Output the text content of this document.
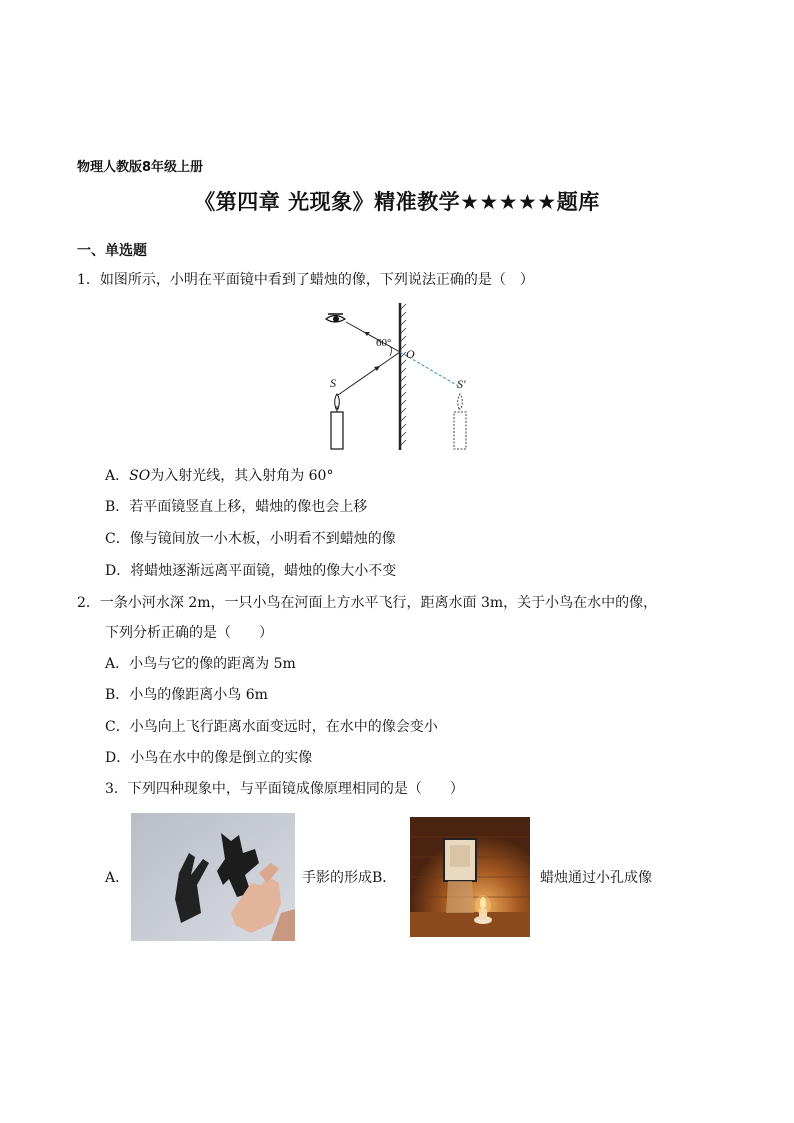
物理人教版8年级上册
《第四章 光现象》精准教学★★★★★题库
一、单选题
1．如图所示，小明在平面镜中看到了蜡烛的像，下列说法正确的是（　）
60°
O
S	S'
A．SO为入射光线，其入射角为 60°
B．若平面镜竖直上移，蜡烛的像也会上移
C．像与镜间放一小木板，小明看不到蜡烛的像
D．将蜡烛逐渐远离平面镜，蜡烛的像大小不变
2．一条小河水深 2m，一只小鸟在河面上方水平飞行，距离水面 3m，关于小鸟在水中的像，
下列分析正确的是（　　）
A．小鸟与它的像的距离为 5m
B．小鸟的像距离小鸟 6m
C．小鸟向上飞行距离水面变远时，在水中的像会变小
D．小鸟在水中的像是倒立的实像
3．下列四种现象中，与平面镜成像原理相同的是（　　）
A．	手影的形成B．	蜡烛通过小孔成像
